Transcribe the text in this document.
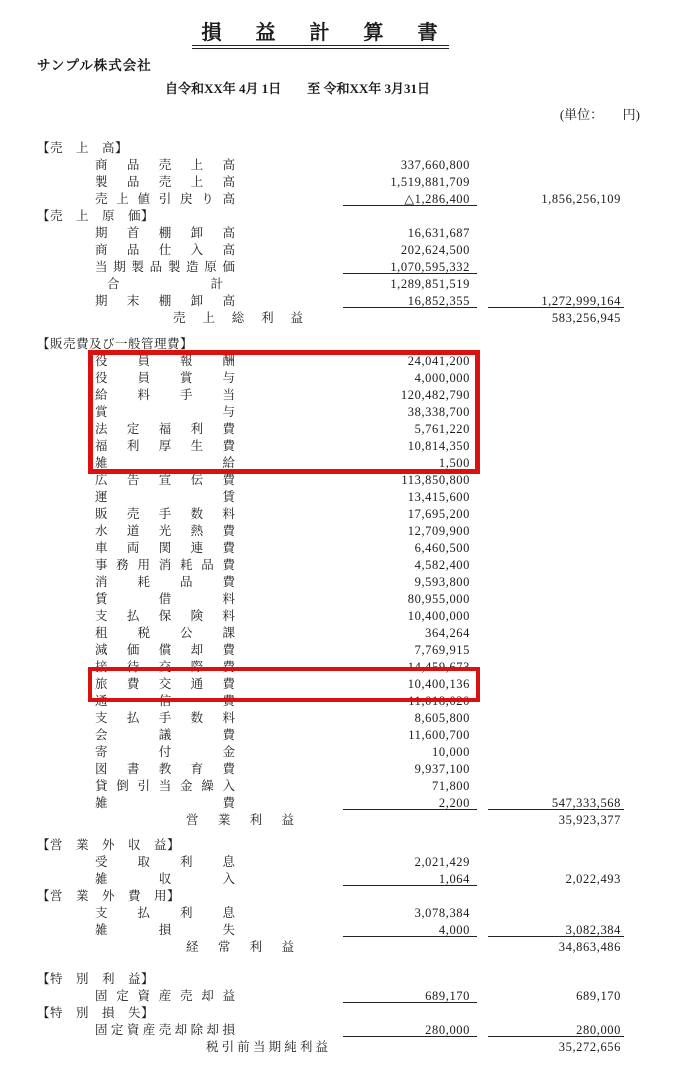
損　益　計　算　書
サンプル株式会社
自令和XX年 4月 1日　　至 令和XX年 3月31日
(単位：　　円)
【売　上　高】
商品売上高	337,660,800
製品売上高	1,519,881,709
売上値引戻り高	△1,286,400	1,856,256,109
【売　上　原　価】
期首棚卸高	16,631,687
商品仕入高	202,624,500
当期製品製造原価	1,070,595,332
合計	1,289,851,519
期末棚卸高	16,852,355	1,272,999,164
売上総利益	583,256,945
【販売費及び一般管理費】
役員報酬	24,041,200
役員賞与	4,000,000
給料手当	120,482,790
賞与	38,338,700
法定福利費	5,761,220
福利厚生費	10,814,350
雑給	1,500
広告宣伝費	113,850,800
運賃	13,415,600
販売手数料	17,695,200
水道光熱費	12,709,900
車両関連費	6,460,500
事務用消耗品費	4,582,400
消耗品費	9,593,800
賃借料	80,955,000
支払保険料	10,400,000
租税公課	364,264
減価償却費	7,769,915
接待交際費	14,459,673
旅費交通費	10,400,136
通信費	11,018,020
支払手数料	8,605,800
会議費	11,600,700
寄付金	10,000
図書教育費	9,937,100
貸倒引当金繰入	71,800
雑費	2,200	547,333,568
営業利益	35,923,377
【営　業　外　収　益】
受取利息	2,021,429
雑収入	1,064	2,022,493
【営　業　外　費　用】
支払利息	3,078,384
雑損失	4,000	3,082,384
経常利益	34,863,486
【特　別　利　益】
固定資産売却益	689,170	689,170
【特　別　損　失】
固定資産売却除却損	280,000	280,000
税引前当期純利益	35,272,656
